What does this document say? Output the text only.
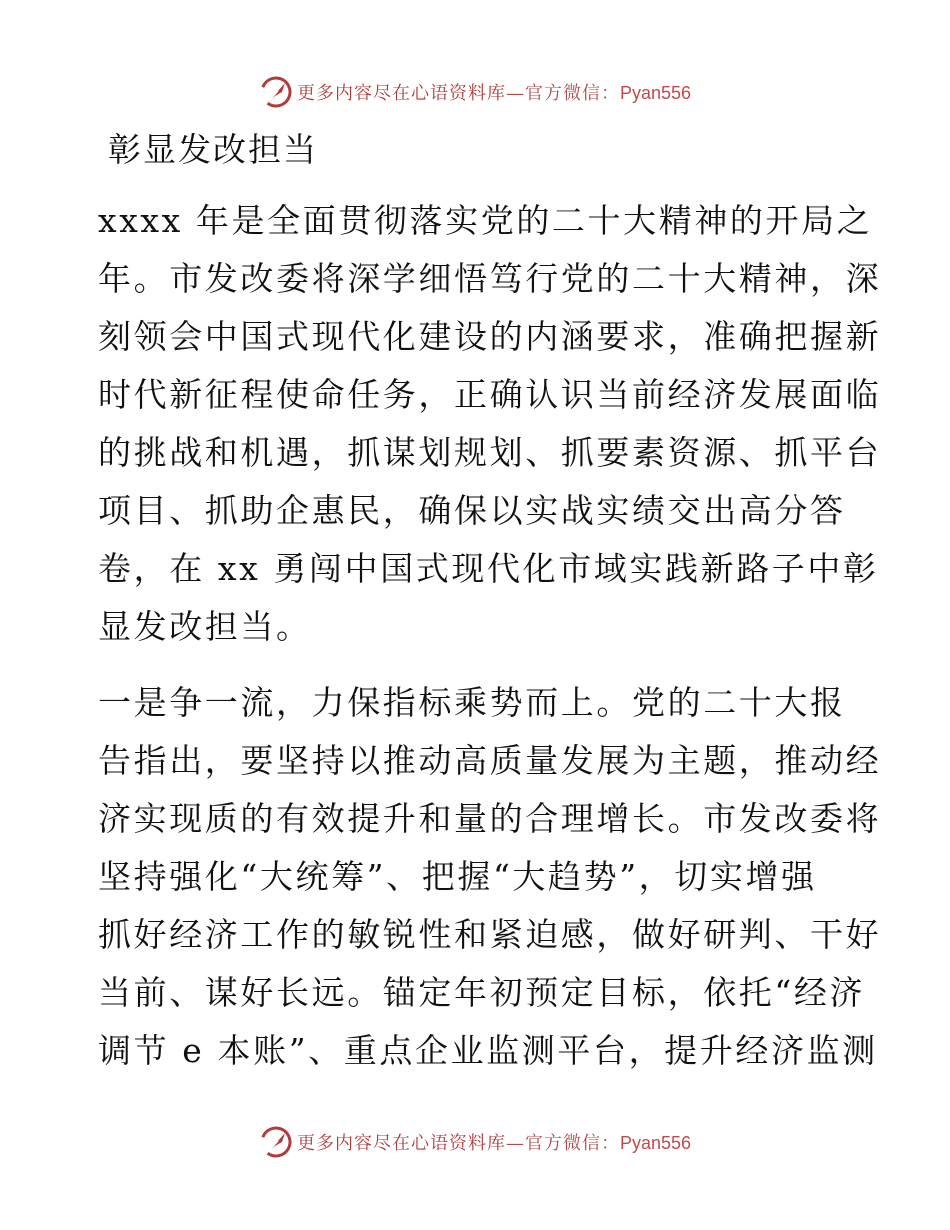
更多内容尽在心语资料库—官方微信：Pyan556
彰显发改担当
xxxx 年是全面贯彻落实党的二十大精神的开局之
年。市发改委将深学细悟笃行党的二十大精神，深
刻领会中国式现代化建设的内涵要求，准确把握新
时代新征程使命任务，正确认识当前经济发展面临
的挑战和机遇，抓谋划规划、抓要素资源、抓平台
项目、抓助企惠民，确保以实战实绩交出高分答
卷，在 xx 勇闯中国式现代化市域实践新路子中彰
显发改担当。
一是争一流，力保指标乘势而上。党的二十大报
告指出，要坚持以推动高质量发展为主题，推动经
济实现质的有效提升和量的合理增长。市发改委将
坚持强化“大统筹”、把握“大趋势”，切实增强
抓好经济工作的敏锐性和紧迫感，做好研判、干好
当前、谋好长远。锚定年初预定目标，依托“经济
调节 e 本账”、重点企业监测平台，提升经济监测
更多内容尽在心语资料库—官方微信：Pyan556
